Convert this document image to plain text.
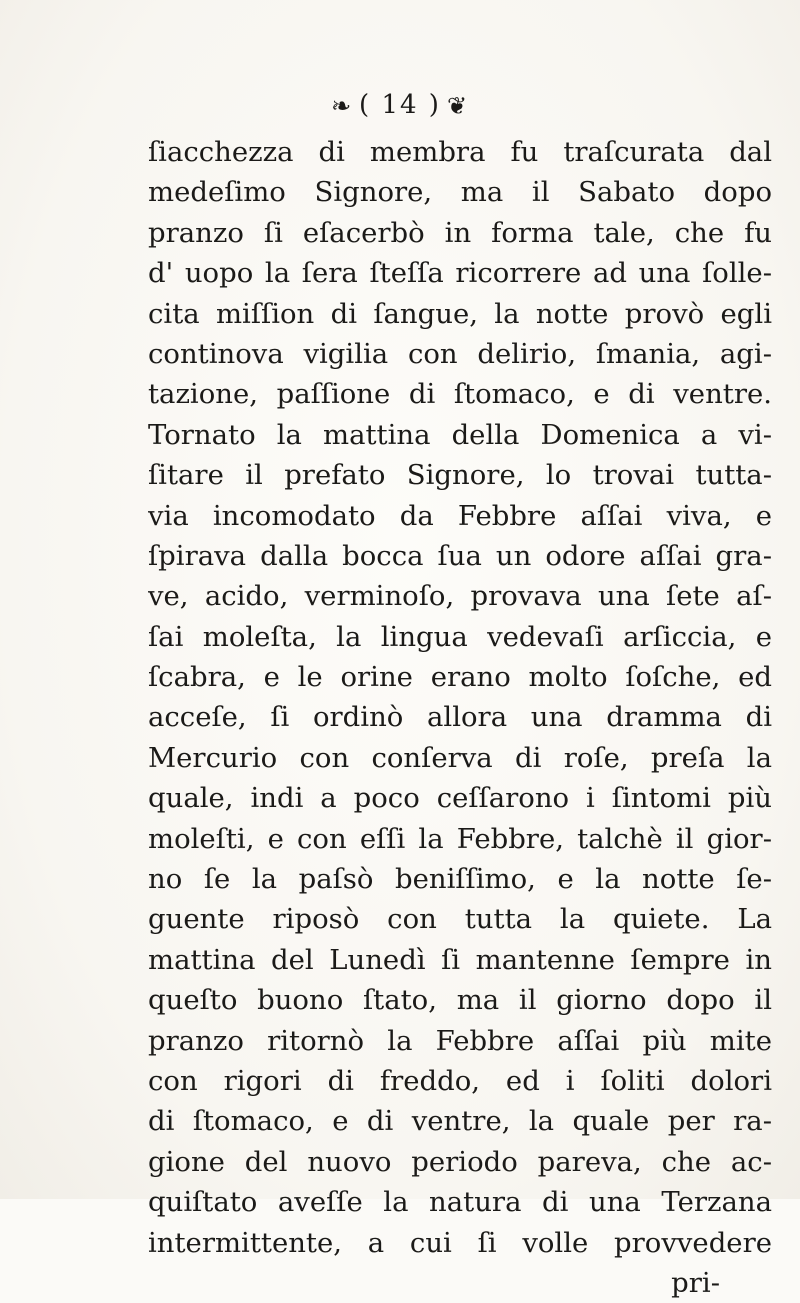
❧ ( 14 ) ❦
ſiacchezza di membra fu traſcurata dal
medeſimo Signore, ma il Sabato dopo
pranzo ſi eſacerbò in forma tale, che fu
d' uopo la ſera ſteſſa ricorrere ad una ſolle-
cita miſſion di ſangue, la notte provò egli
continova vigilia con delirio, ſmania, agi-
tazione, paſſione di ſtomaco, e di ventre.
Tornato la mattina della Domenica a vi-
ſitare il prefato Signore, lo trovai tutta-
via incomodato da Febbre aſſai viva, e
ſpirava dalla bocca ſua un odore aſſai gra-
ve, acido, verminoſo, provava una ſete aſ-
ſai moleſta, la lingua vedevaſi arſiccia, e
ſcabra, e le orine erano molto ſoſche, ed
acceſe, ſi ordinò allora una dramma di
Mercurio con conſerva di roſe, preſa la
quale, indi a poco ceſſarono i ſintomi più
moleſti, e con eſſi la Febbre, talchè il gior-
no ſe la paſsò beniſſimo, e la notte ſe-
guente riposò con tutta la quiete. La
mattina del Lunedì ſi mantenne ſempre in
queſto buono ſtato, ma il giorno dopo il
pranzo ritornò la Febbre aſſai più mite
con rigori di freddo, ed i ſoliti dolori
di ſtomaco, e di ventre, la quale per ra-
gione del nuovo periodo pareva, che ac-
quiſtato aveſſe la natura di una Terzana
intermittente, a cui ſi volle provvedere
pri-
